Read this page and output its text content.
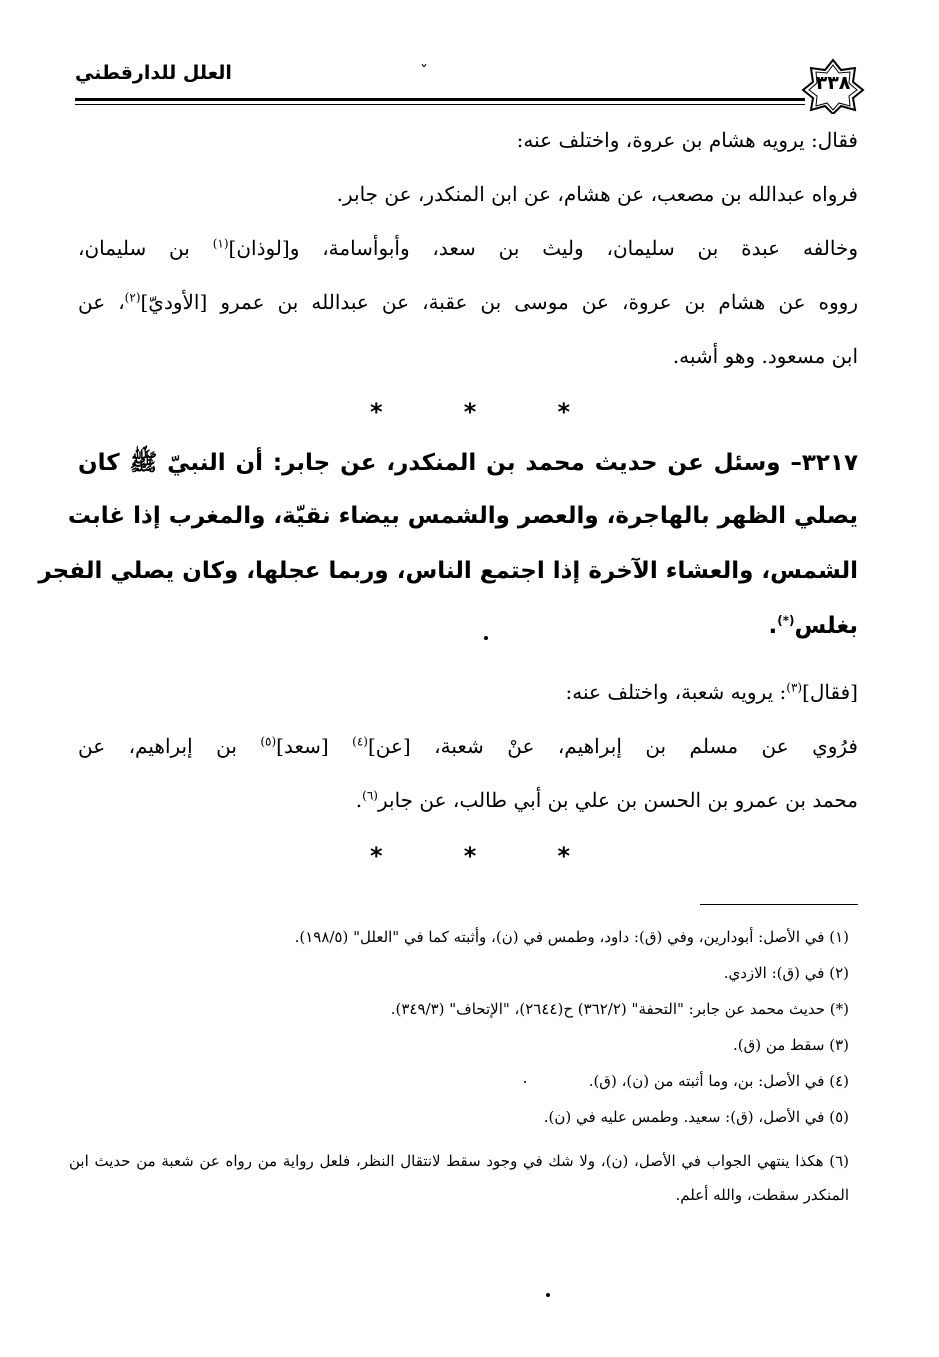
العلل للدارقطني	٣٣٨
ˇ
فقال: يرويه هشام بن عروة، واختلف عنه:
فرواه عبدالله بن مصعب، عن هشام، عن ابن المنكدر، عن جابر.
وخالفه عبدة بن سليمان، وليث بن سعد، وأبوأسامة، و[لوذان]$^{(١)}$ بن سليمان،
رووه عن هشام بن عروة، عن موسى بن عقبة، عن عبدالله بن عمرو [الأوديّ]$^{(٢)}$، عن
ابن مسعود. وهو أشبه.
*	*	*
٣٢١٧– وسئل عن حديث محمد بن المنكدر، عن جابر: أن النبيّ ﷺ كان
يصلي الظهر بالهاجرة، والعصر والشمس بيضاء نقيّة، والمغرب إذا غابت
الشمس، والعشاء الآخرة إذا اجتمع الناس، وربما عجلها، وكان يصلي الفجر
بغلس(*).
[فقال]$^{(٣)}$: يرويه شعبة، واختلف عنه:
فرُوي عن مسلم بن إبراهيم، عنْ شعبة، [عن]$^{(٤)}$ [سعد]$^{(٥)}$ بن إبراهيم، عن
محمد بن عمرو بن الحسن بن علي بن أبي طالب، عن جابر$^{(٦)}$.
*	*	*
(١) في الأصل: أبودارين، وفي (ق): داود، وطمس في (ن)، وأثبته كما في "العلل" (١٩٨/٥).
(٢) في (ق): الازدي.
(*) حديث محمد عن جابر: "التحفة" (٣٦٢/٢) ح(٢٦٤٤)، "الإتحاف" (٣٤٩/٣).
(٣) سقط من (ق).
(٤) في الأصل: بن، وما أثبته من (ن)، (ق).
(٥) في الأصل، (ق): سعيد. وطمس عليه في (ن).
(٦) هكذا ينتهي الجواب في الأصل، (ن)، ولا شك في وجود سقط لانتقال النظر، فلعل رواية من رواه عن شعبة من حديث ابن المنكدر سقطت، والله أعلم.
